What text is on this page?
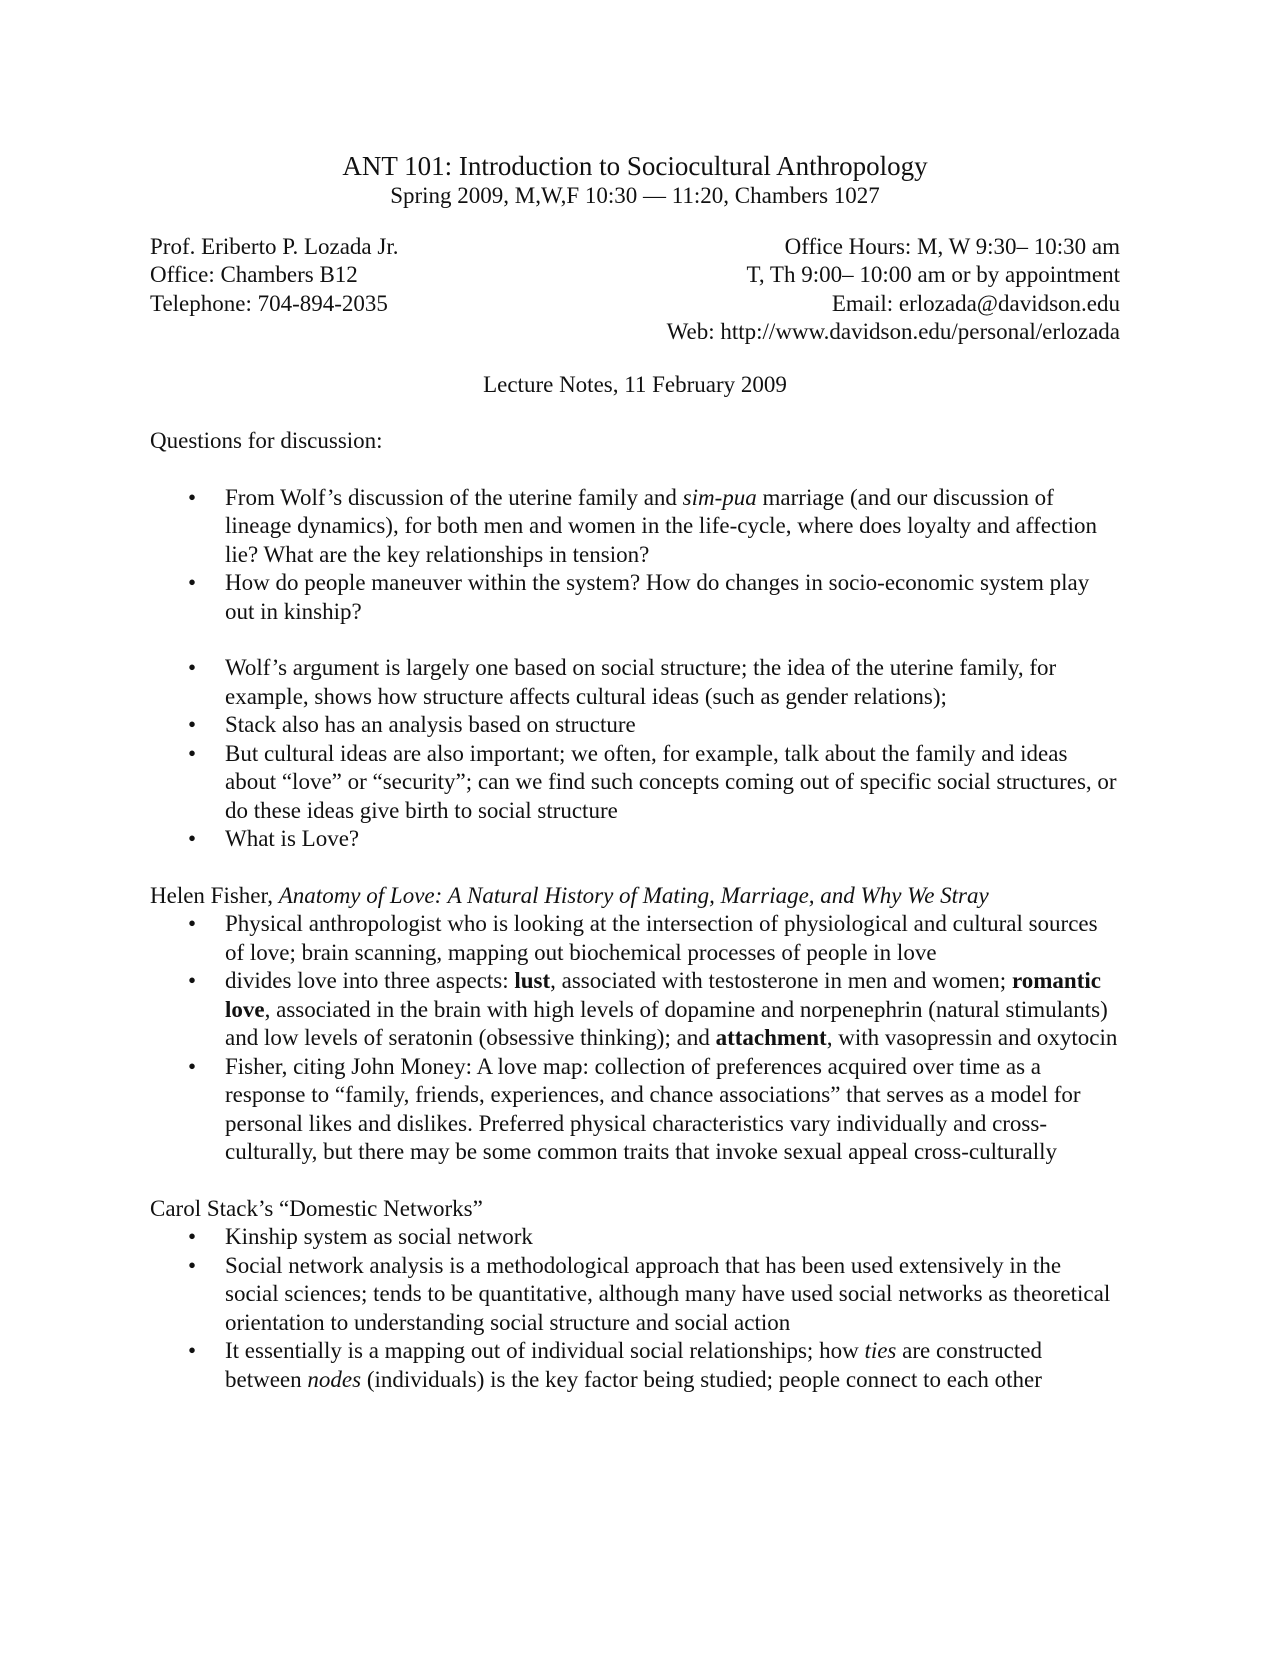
ANT 101: Introduction to Sociocultural Anthropology

Spring 2009, M,W,F 10:30 — 11:20, Chambers 1027

Prof. Eriberto P. Lozada Jr.
Office: Chambers B12
Telephone: 704-894-2035
Office Hours: M, W 9:30– 10:30 am
T, Th 9:00– 10:00 am or by appointment
Email: erlozada@davidson.edu
Web: http://www.davidson.edu/personal/erlozada

Lecture Notes, 11 February 2009

Questions for discussion:

• From Wolf’s discussion of the uterine family and sim-pua marriage (and our discussion of lineage dynamics), for both men and women in the life-cycle, where does loyalty and affection lie? What are the key relationships in tension?
• How do people maneuver within the system? How do changes in socio-economic system play out in kinship?
• Wolf’s argument is largely one based on social structure; the idea of the uterine family, for example, shows how structure affects cultural ideas (such as gender relations);
• Stack also has an analysis based on structure
• But cultural ideas are also important; we often, for example, talk about the family and ideas about “love” or “security”; can we find such concepts coming out of specific social structures, or do these ideas give birth to social structure
• What is Love?

Helen Fisher, Anatomy of Love: A Natural History of Mating, Marriage, and Why We Stray

• Physical anthropologist who is looking at the intersection of physiological and cultural sources of love; brain scanning, mapping out biochemical processes of people in love
• divides love into three aspects: lust, associated with testosterone in men and women; romantic love, associated in the brain with high levels of dopamine and norpenephrin (natural stimulants) and low levels of seratonin (obsessive thinking); and attachment, with vasopressin and oxytocin
• Fisher, citing John Money: A love map: collection of preferences acquired over time as a response to “family, friends, experiences, and chance associations” that serves as a model for personal likes and dislikes. Preferred physical characteristics vary individually and cross-culturally, but there may be some common traits that invoke sexual appeal cross-culturally

Carol Stack’s “Domestic Networks”

• Kinship system as social network
• Social network analysis is a methodological approach that has been used extensively in the social sciences; tends to be quantitative, although many have used social networks as theoretical orientation to understanding social structure and social action
• It essentially is a mapping out of individual social relationships; how ties are constructed between nodes (individuals) is the key factor being studied; people connect to each other
